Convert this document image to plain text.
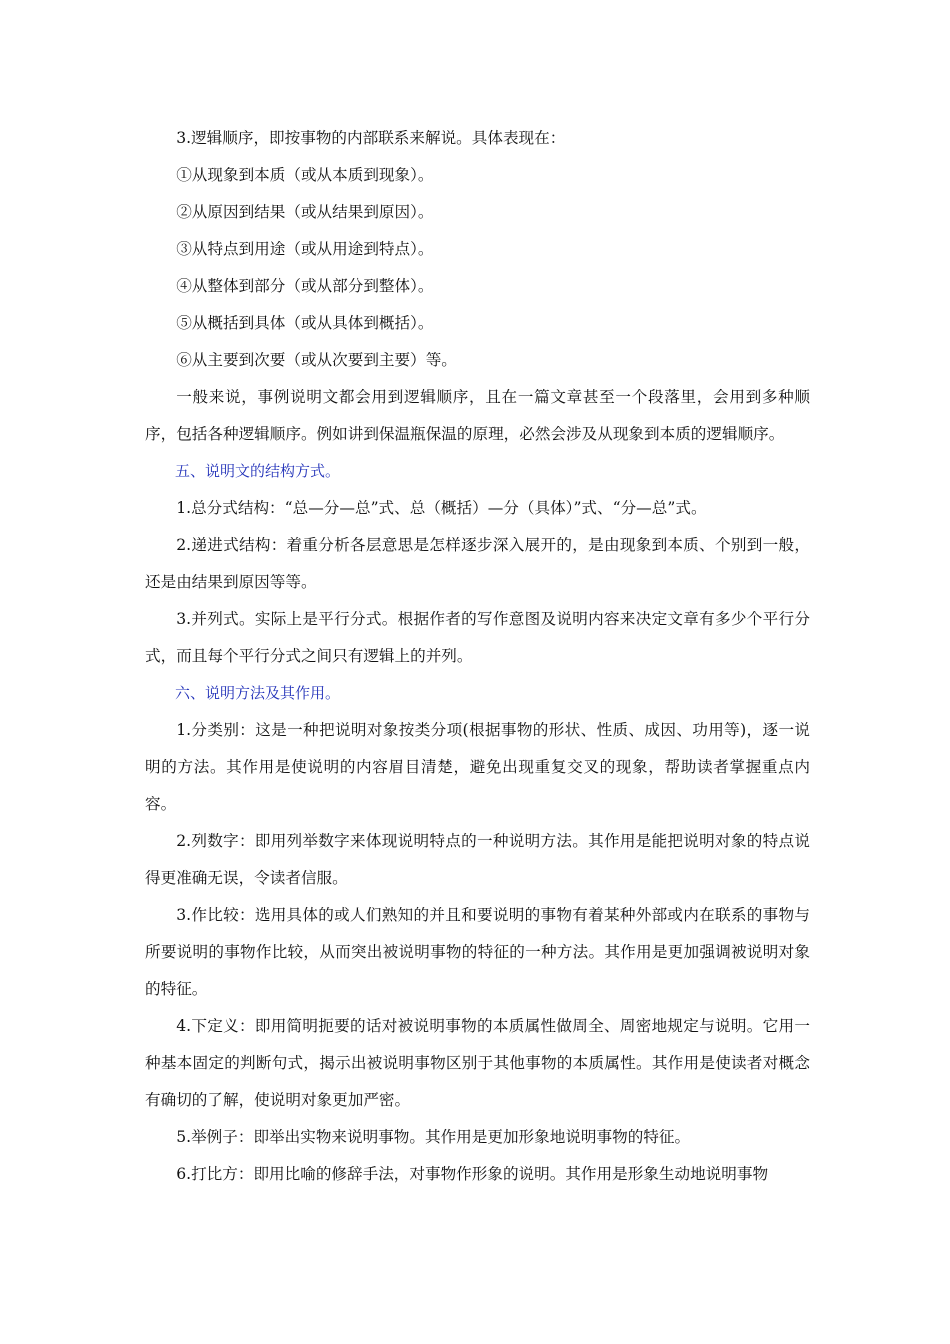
3.逻辑顺序，即按事物的内部联系来解说。具体表现在：

①从现象到本质（或从本质到现象）。

②从原因到结果（或从结果到原因）。

③从特点到用途（或从用途到特点）。

④从整体到部分（或从部分到整体）。

⑤从概括到具体（或从具体到概括）。

⑥从主要到次要（或从次要到主要）等。

一般来说，事例说明文都会用到逻辑顺序，且在一篇文章甚至一个段落里，会用到多种顺序，包括各种逻辑顺序。例如讲到保温瓶保温的原理，必然会涉及从现象到本质的逻辑顺序。

五、说明文的结构方式。

1.总分式结构：“总—分—总”式、总（概括）—分（具体）”式、“分—总”式。

2.递进式结构：着重分析各层意思是怎样逐步深入展开的，是由现象到本质、个别到一般，还是由结果到原因等等。

3.并列式。实际上是平行分式。根据作者的写作意图及说明内容来决定文章有多少个平行分式，而且每个平行分式之间只有逻辑上的并列。

六、说明方法及其作用。

1.分类别：这是一种把说明对象按类分项(根据事物的形状、性质、成因、功用等)，逐一说明的方法。其作用是使说明的内容眉目清楚，避免出现重复交叉的现象，帮助读者掌握重点内容。

2.列数字：即用列举数字来体现说明特点的一种说明方法。其作用是能把说明对象的特点说得更准确无误，令读者信服。

3.作比较：选用具体的或人们熟知的并且和要说明的事物有着某种外部或内在联系的事物与所要说明的事物作比较，从而突出被说明事物的特征的一种方法。其作用是更加强调被说明对象的特征。

4.下定义：即用简明扼要的话对被说明事物的本质属性做周全、周密地规定与说明。它用一种基本固定的判断句式，揭示出被说明事物区别于其他事物的本质属性。其作用是使读者对概念有确切的了解，使说明对象更加严密。

5.举例子：即举出实物来说明事物。其作用是更加形象地说明事物的特征。

6.打比方：即用比喻的修辞手法，对事物作形象的说明。其作用是形象生动地说明事物
